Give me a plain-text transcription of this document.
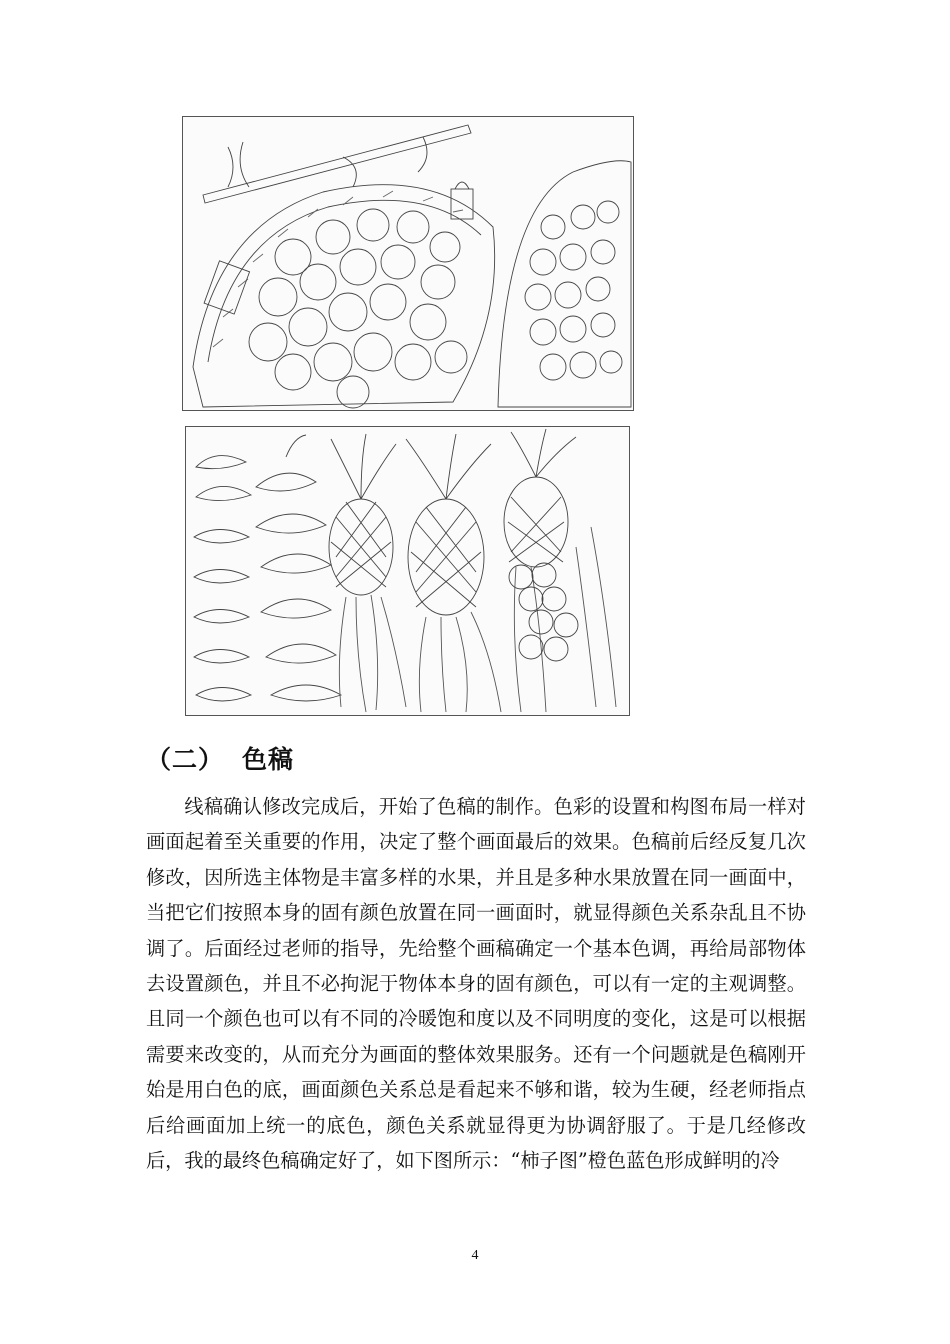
（二） 色稿

线稿确认修改完成后，开始了色稿的制作。色彩的设置和构图布局一样对画面起着至关重要的作用，决定了整个画面最后的效果。色稿前后经反复几次修改，因所选主体物是丰富多样的水果，并且是多种水果放置在同一画面中，当把它们按照本身的固有颜色放置在同一画面时，就显得颜色关系杂乱且不协调了。后面经过老师的指导，先给整个画稿确定一个基本色调，再给局部物体去设置颜色，并且不必拘泥于物体本身的固有颜色，可以有一定的主观调整。且同一个颜色也可以有不同的冷暖饱和度以及不同明度的变化，这是可以根据需要来改变的，从而充分为画面的整体效果服务。还有一个问题就是色稿刚开始是用白色的底，画面颜色关系总是看起来不够和谐，较为生硬，经老师指点后给画面加上统一的底色，颜色关系就显得更为协调舒服了。于是几经修改后，我的最终色稿确定好了，如下图所示：“柿子图”橙色蓝色形成鲜明的冷

4
